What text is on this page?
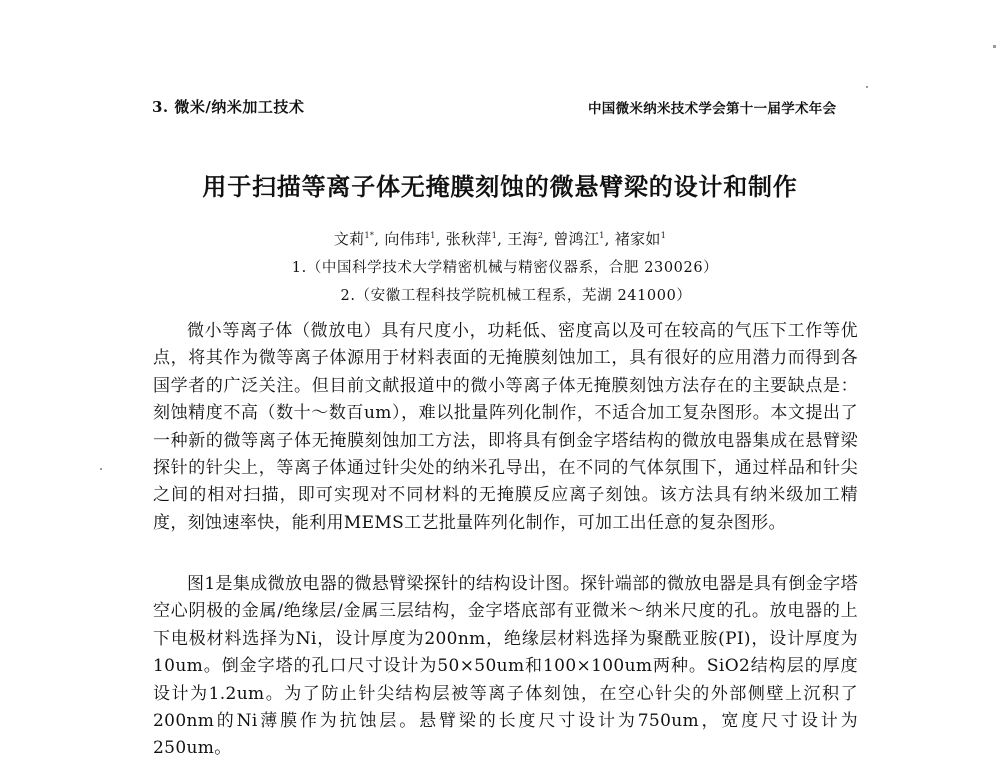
3. 微米/纳米加工技术	中国微米纳米技术学会第十一届学术年会
用于扫描等离子体无掩膜刻蚀的微悬臂梁的设计和制作
文莉$^{1*}$, 向伟玮$^1$, 张秋萍$^1$, 王海$^2$, 曾鸿江$^1$, 褚家如$^1$
1.（中国科学技术大学精密机械与精密仪器系，合肥 230026）
2.（安徽工程科技学院机械工程系，芜湖 241000）

微小等离子体（微放电）具有尺度小，功耗低、密度高以及可在较高的气压下工作等优点，将其作为微等离子体源用于材料表面的无掩膜刻蚀加工，具有很好的应用潜力而得到各国学者的广泛关注。但目前文献报道中的微小等离子体无掩膜刻蚀方法存在的主要缺点是：刻蚀精度不高（数十～数百um），难以批量阵列化制作，不适合加工复杂图形。本文提出了一种新的微等离子体无掩膜刻蚀加工方法，即将具有倒金字塔结构的微放电器集成在悬臂梁探针的针尖上，等离子体通过针尖处的纳米孔导出，在不同的气体氛围下，通过样品和针尖之间的相对扫描，即可实现对不同材料的无掩膜反应离子刻蚀。该方法具有纳米级加工精度，刻蚀速率快，能利用MEMS工艺批量阵列化制作，可加工出任意的复杂图形。

图1是集成微放电器的微悬臂梁探针的结构设计图。探针端部的微放电器是具有倒金字塔空心阴极的金属/绝缘层/金属三层结构，金字塔底部有亚微米～纳米尺度的孔。放电器的上下电极材料选择为Ni，设计厚度为200nm，绝缘层材料选择为聚酰亚胺(PI)，设计厚度为10um。倒金字塔的孔口尺寸设计为50×50um和100×100um两种。SiO2结构层的厚度设计为1.2um。为了防止针尖结构层被等离子体刻蚀，在空心针尖的外部侧壁上沉积了200nm的Ni薄膜作为抗蚀层。悬臂梁的长度尺寸设计为750um，宽度尺寸设计为250um。
